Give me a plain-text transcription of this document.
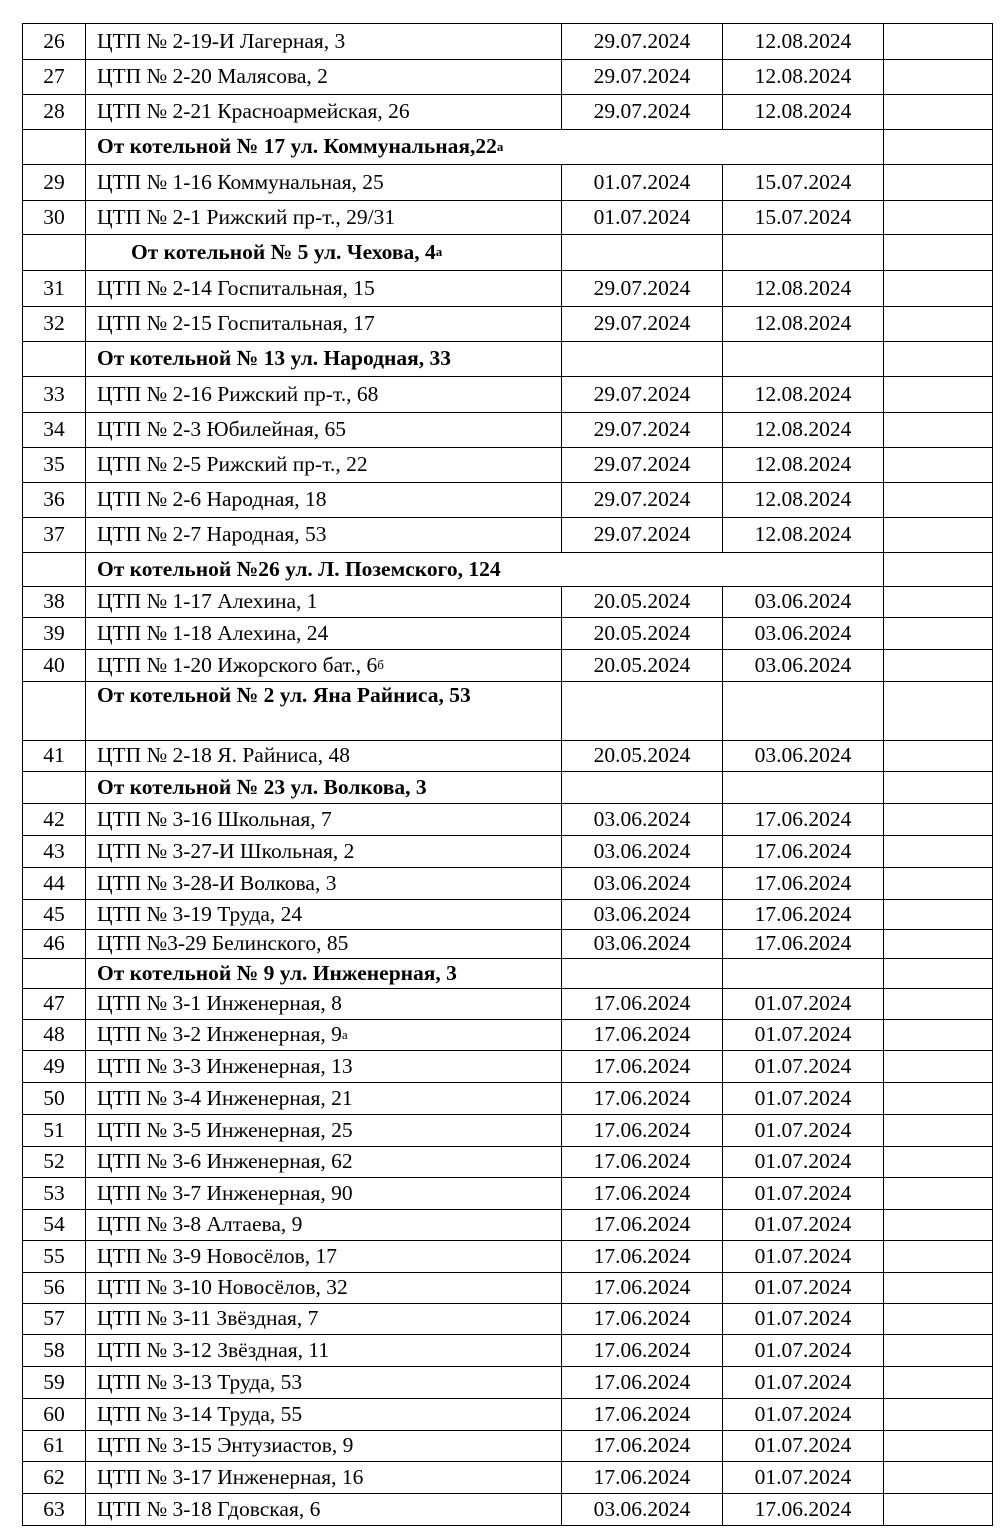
26	ЦТП № 2-19-И Лагерная, 3	29.07.2024	12.08.2024
27	ЦТП № 2-20 Малясова, 2	29.07.2024	12.08.2024
28	ЦТП № 2-21 Красноармейская, 26	29.07.2024	12.08.2024
От котельной № 17 ул. Коммунальная,22 а
29	ЦТП № 1-16 Коммунальная, 25	01.07.2024	15.07.2024
30	ЦТП № 2-1 Рижский пр-т., 29/31	01.07.2024	15.07.2024
От котельной № 5 ул. Чехова, 4 а
31	ЦТП № 2-14 Госпитальная, 15	29.07.2024	12.08.2024
32	ЦТП № 2-15 Госпитальная, 17	29.07.2024	12.08.2024
От котельной № 13 ул. Народная, 33
33	ЦТП № 2-16 Рижский пр-т., 68	29.07.2024	12.08.2024
34	ЦТП № 2-3 Юбилейная, 65	29.07.2024	12.08.2024
35	ЦТП № 2-5 Рижский пр-т., 22	29.07.2024	12.08.2024
36	ЦТП № 2-6 Народная, 18	29.07.2024	12.08.2024
37	ЦТП № 2-7 Народная, 53	29.07.2024	12.08.2024
От котельной №26 ул. Л. Поземского, 124
38	ЦТП № 1-17 Алехина, 1	20.05.2024	03.06.2024
39	ЦТП № 1-18 Алехина, 24	20.05.2024	03.06.2024
40	ЦТП № 1-20 Ижорского бат., 6 б	20.05.2024	03.06.2024
От котельной № 2 ул. Яна Райниса, 53
41	ЦТП № 2-18 Я. Райниса, 48	20.05.2024	03.06.2024
От котельной № 23 ул. Волкова, 3
42	ЦТП № 3-16 Школьная, 7	03.06.2024	17.06.2024
43	ЦТП № 3-27-И Школьная, 2	03.06.2024	17.06.2024
44	ЦТП № 3-28-И Волкова, 3	03.06.2024	17.06.2024
45	ЦТП № 3-19 Труда, 24	03.06.2024	17.06.2024
46	ЦТП №3-29 Белинского, 85	03.06.2024	17.06.2024
От котельной № 9 ул. Инженерная, 3
47	ЦТП № 3-1 Инженерная, 8	17.06.2024	01.07.2024
48	ЦТП № 3-2 Инженерная, 9 а	17.06.2024	01.07.2024
49	ЦТП № 3-3 Инженерная, 13	17.06.2024	01.07.2024
50	ЦТП № 3-4 Инженерная, 21	17.06.2024	01.07.2024
51	ЦТП № 3-5 Инженерная, 25	17.06.2024	01.07.2024
52	ЦТП № 3-6 Инженерная, 62	17.06.2024	01.07.2024
53	ЦТП № 3-7 Инженерная, 90	17.06.2024	01.07.2024
54	ЦТП № 3-8 Алтаева, 9	17.06.2024	01.07.2024
55	ЦТП № 3-9 Новосёлов, 17	17.06.2024	01.07.2024
56	ЦТП № 3-10 Новосёлов, 32	17.06.2024	01.07.2024
57	ЦТП № 3-11 Звёздная, 7	17.06.2024	01.07.2024
58	ЦТП № 3-12 Звёздная, 11	17.06.2024	01.07.2024
59	ЦТП № 3-13 Труда, 53	17.06.2024	01.07.2024
60	ЦТП № 3-14 Труда, 55	17.06.2024	01.07.2024
61	ЦТП № 3-15 Энтузиастов, 9	17.06.2024	01.07.2024
62	ЦТП № 3-17 Инженерная, 16	17.06.2024	01.07.2024
63	ЦТП № 3-18 Гдовская, 6	03.06.2024	17.06.2024
